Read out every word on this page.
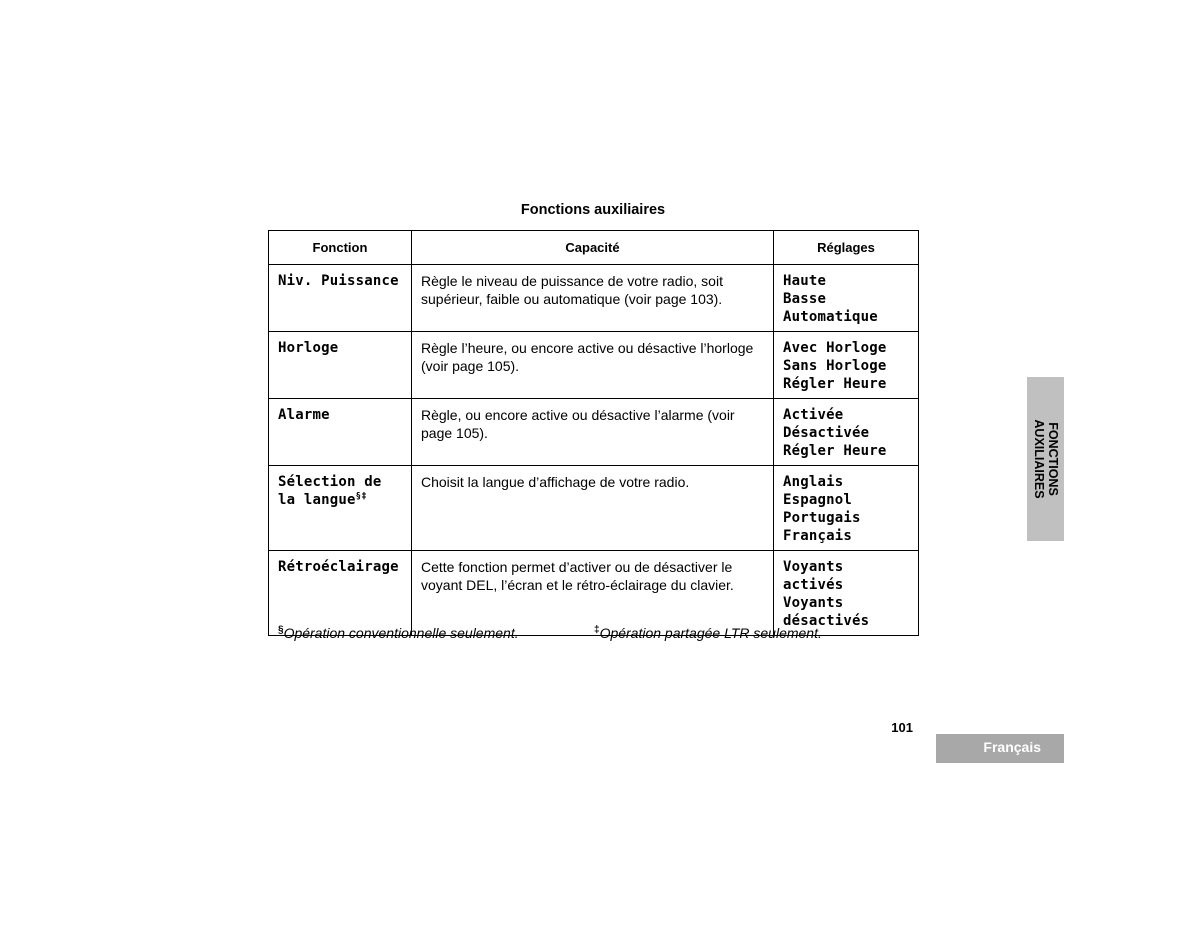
Fonctions auxiliaires
Fonction	Capacité	Réglages
Niv. Puissance	Règle le niveau de puissance de votre radio, soit supérieur, faible ou automatique (voir page 103).	Haute
Basse
Automatique

Horloge	Règle l’heure, ou encore active ou désactive l’horloge (voir page 105).	Avec Horloge
Sans Horloge
Régler Heure

Alarme	Règle, ou encore active ou désactive l’alarme (voir page 105).	Activée
Désactivée
Régler Heure

Sélection de la langue§‡	Choisit la langue d’affichage de votre radio.	Anglais
Espagnol
Portugais
Français

Rétroéclairage	Cette fonction permet d’activer ou de désactiver le voyant DEL, l’écran et le rétro-éclairage du clavier.	Voyants activés
Voyants désactivés
§Opération conventionnelle seulement.	‡Opération partagée LTR seulement.
FONCTIONS
AUXILIAIRES
101
Français
